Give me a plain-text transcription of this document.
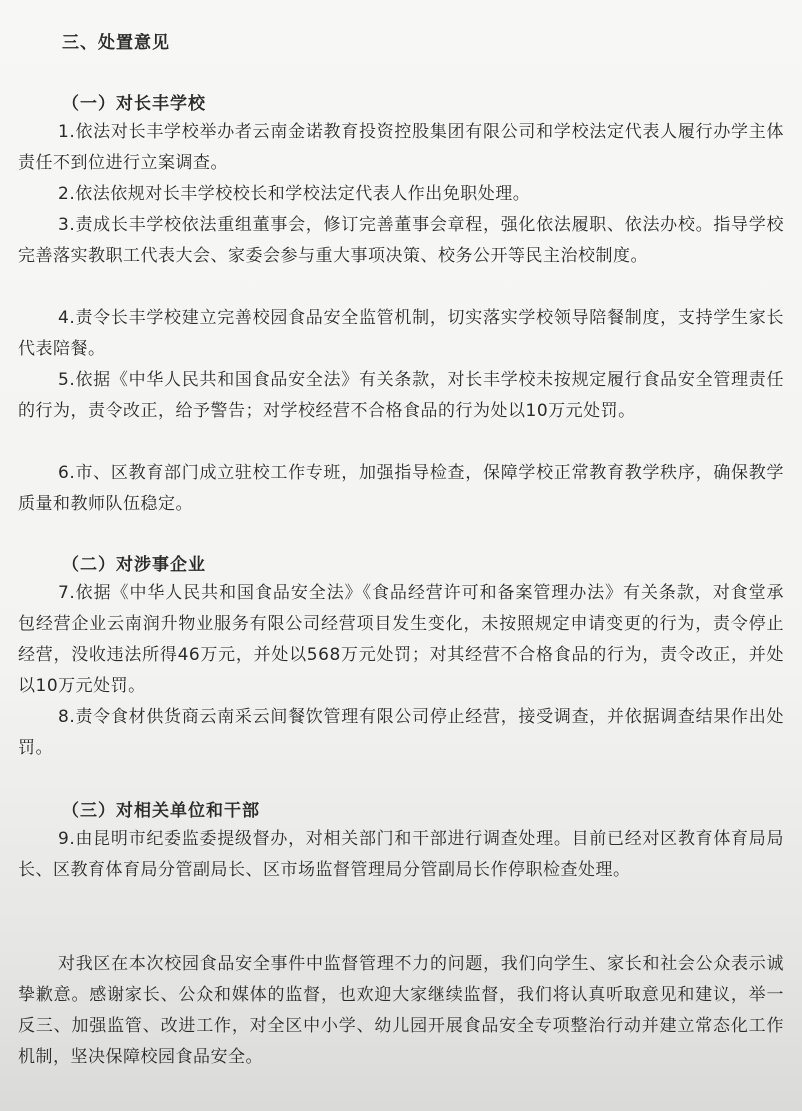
三、处置意见
（一）对长丰学校
1.依法对长丰学校举办者云南金诺教育投资控股集团有限公司和学校法定代表人履行办学主体责任不到位进行立案调查。
2.依法依规对长丰学校校长和学校法定代表人作出免职处理。
3.责成长丰学校依法重组董事会，修订完善董事会章程，强化依法履职、依法办校。指导学校完善落实教职工代表大会、家委会参与重大事项决策、校务公开等民主治校制度。
4.责令长丰学校建立完善校园食品安全监管机制，切实落实学校领导陪餐制度，支持学生家长代表陪餐。
5.依据《中华人民共和国食品安全法》有关条款，对长丰学校未按规定履行食品安全管理责任的行为，责令改正，给予警告；对学校经营不合格食品的行为处以10万元处罚。
6.市、区教育部门成立驻校工作专班，加强指导检查，保障学校正常教育教学秩序，确保教学质量和教师队伍稳定。
（二）对涉事企业
7.依据《中华人民共和国食品安全法》《食品经营许可和备案管理办法》有关条款，对食堂承包经营企业云南润升物业服务有限公司经营项目发生变化，未按照规定申请变更的行为，责令停止经营，没收违法所得46万元，并处以568万元处罚；对其经营不合格食品的行为，责令改正，并处以10万元处罚。
8.责令食材供货商云南采云间餐饮管理有限公司停止经营，接受调查，并依据调查结果作出处罚。
（三）对相关单位和干部
9.由昆明市纪委监委提级督办，对相关部门和干部进行调查处理。目前已经对区教育体育局局长、区教育体育局分管副局长、区市场监督管理局分管副局长作停职检查处理。
对我区在本次校园食品安全事件中监督管理不力的问题，我们向学生、家长和社会公众表示诚挚歉意。感谢家长、公众和媒体的监督，也欢迎大家继续监督，我们将认真听取意见和建议，举一反三、加强监管、改进工作，对全区中小学、幼儿园开展食品安全专项整治行动并建立常态化工作机制，坚决保障校园食品安全。
